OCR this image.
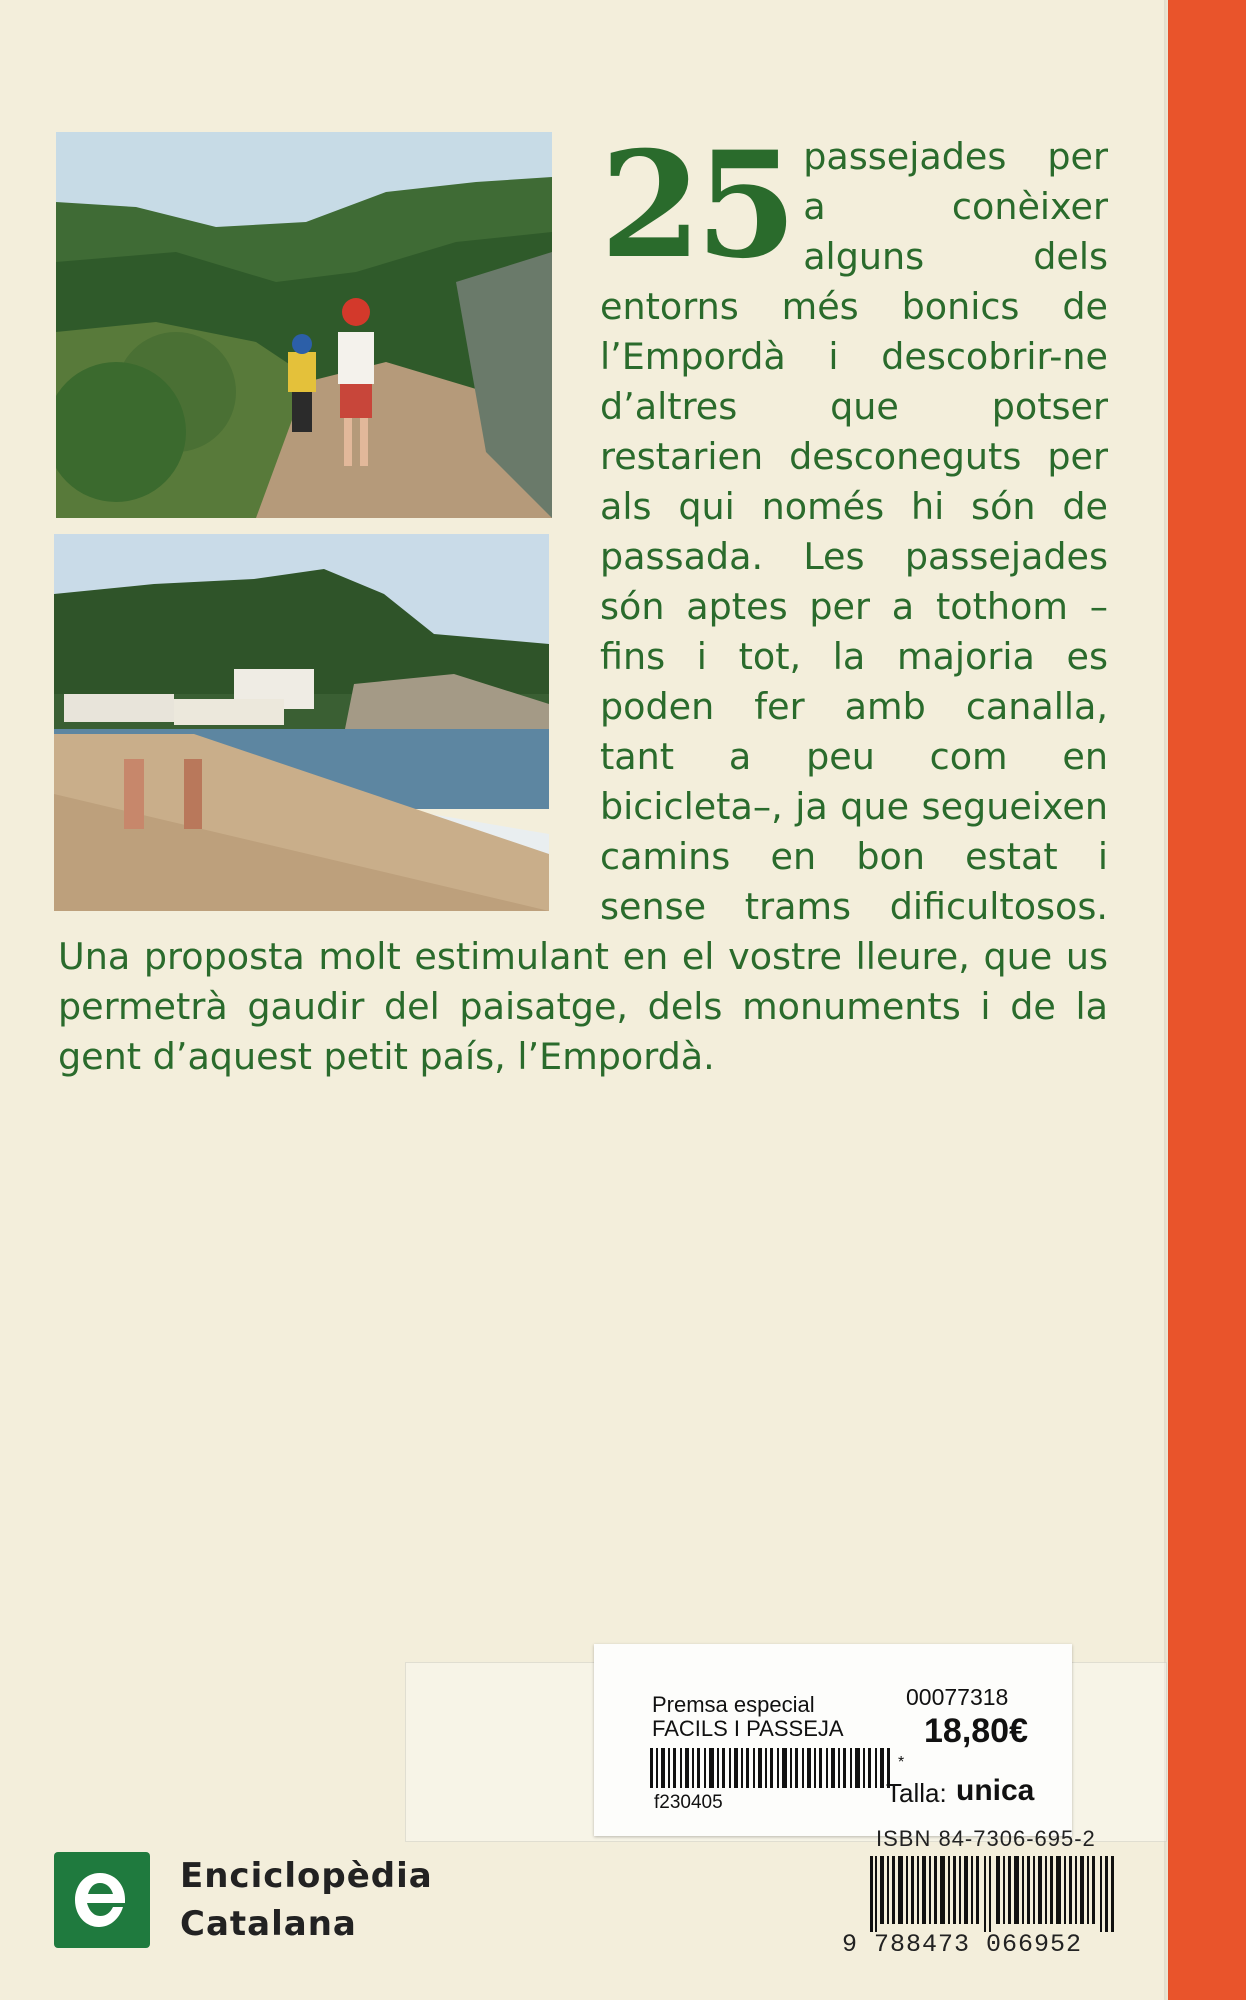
25 passejades per a conèixer alguns dels entorns més bonics de l’Empordà i descobrir-ne d’altres que potser restarien desconeguts per als qui només hi són de passada. Les passejades són aptes per a tothom –fins i tot, la majoria es poden fer amb canalla, tant a peu com en bicicleta–, ja que segueixen camins en bon estat i sense trams dificultosos. Una proposta molt estimulant en el vostre lleure, que us permetrà gaudir del paisatge, dels monuments i de la gent d’aquest petit país, l’Empordà.
Premsa especial
FACILS I PASSEJA
00077318
18,80€
*
f230405	Talla: unica
ISBN 84-7306-695-2
9 788473 066952
Enciclopèdia
Catalana
